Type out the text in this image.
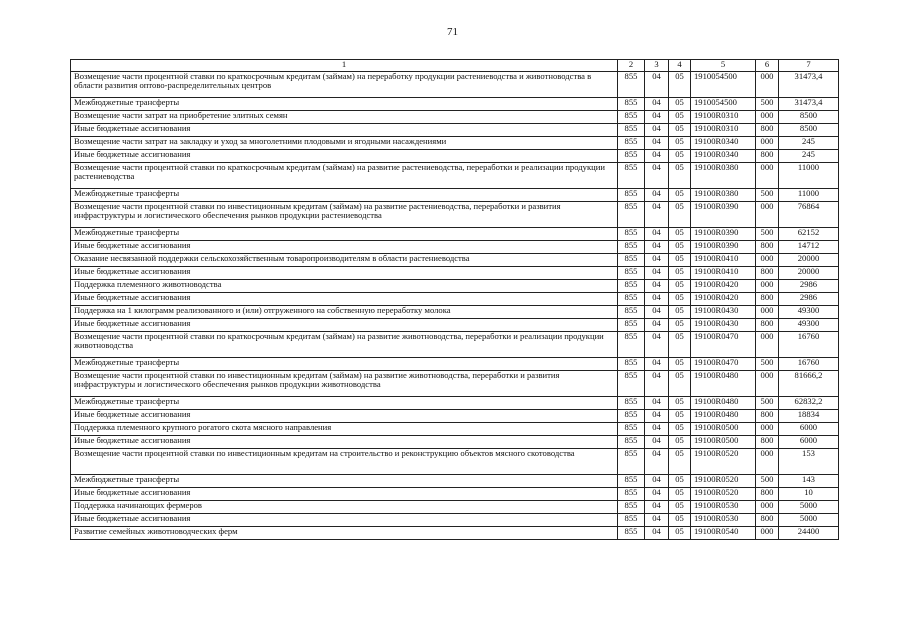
71
1	2	3	4	5	6	7
Возмещение части процентной ставки по краткосрочным кредитам (займам) на переработку продукции растениеводства и животноводства в области развития оптово-распределительных центров	855	04	05	1910054500	000	31473,4
Межбюджетные трансферты	855	04	05	1910054500	500	31473,4
Возмещение части затрат на приобретение элитных семян	855	04	05	19100R0310	000	8500
Иные бюджетные ассигнования	855	04	05	19100R0310	800	8500
Возмещение части затрат на закладку и уход за многолетними плодовыми и ягодными насаждениями	855	04	05	19100R0340	000	245
Иные бюджетные ассигнования	855	04	05	19100R0340	800	245
Возмещение части процентной ставки по краткосрочным кредитам (займам) на развитие растениеводства, переработки и реализации продукции растениеводства	855	04	05	19100R0380	000	11000
Межбюджетные трансферты	855	04	05	19100R0380	500	11000
Возмещение части процентной ставки по инвестиционным кредитам (займам) на развитие растениеводства, переработки и развития инфраструктуры и логистического обеспечения рынков продукции растениеводства	855	04	05	19100R0390	000	76864
Межбюджетные трансферты	855	04	05	19100R0390	500	62152
Иные бюджетные ассигнования	855	04	05	19100R0390	800	14712
Оказание несвязанной поддержки сельскохозяйственным товаропроизводителям в области растениеводства	855	04	05	19100R0410	000	20000
Иные бюджетные ассигнования	855	04	05	19100R0410	800	20000
Поддержка племенного животноводства	855	04	05	19100R0420	000	2986
Иные бюджетные ассигнования	855	04	05	19100R0420	800	2986
Поддержка на 1 килограмм реализованного и (или) отгруженного на собственную переработку молока	855	04	05	19100R0430	000	49300
Иные бюджетные ассигнования	855	04	05	19100R0430	800	49300
Возмещение части процентной ставки по краткосрочным кредитам (займам) на развитие животноводства, переработки и реализации продукции животноводства	855	04	05	19100R0470	000	16760
Межбюджетные трансферты	855	04	05	19100R0470	500	16760
Возмещение части процентной ставки по инвестиционным кредитам (займам) на развитие животноводства, переработки и развития инфраструктуры и логистического обеспечения рынков продукции животноводства	855	04	05	19100R0480	000	81666,2
Межбюджетные трансферты	855	04	05	19100R0480	500	62832,2
Иные бюджетные ассигнования	855	04	05	19100R0480	800	18834
Поддержка племенного крупного рогатого скота мясного направления	855	04	05	19100R0500	000	6000
Иные бюджетные ассигнования	855	04	05	19100R0500	800	6000
Возмещение части процентной ставки по инвестиционным кредитам на строительство и реконструкцию объектов мясного скотоводства	855	04	05	19100R0520	000	153
Межбюджетные трансферты	855	04	05	19100R0520	500	143
Иные бюджетные ассигнования	855	04	05	19100R0520	800	10
Поддержка начинающих фермеров	855	04	05	19100R0530	000	5000
Иные бюджетные ассигнования	855	04	05	19100R0530	800	5000
Развитие семейных животноводческих ферм	855	04	05	19100R0540	000	24400
